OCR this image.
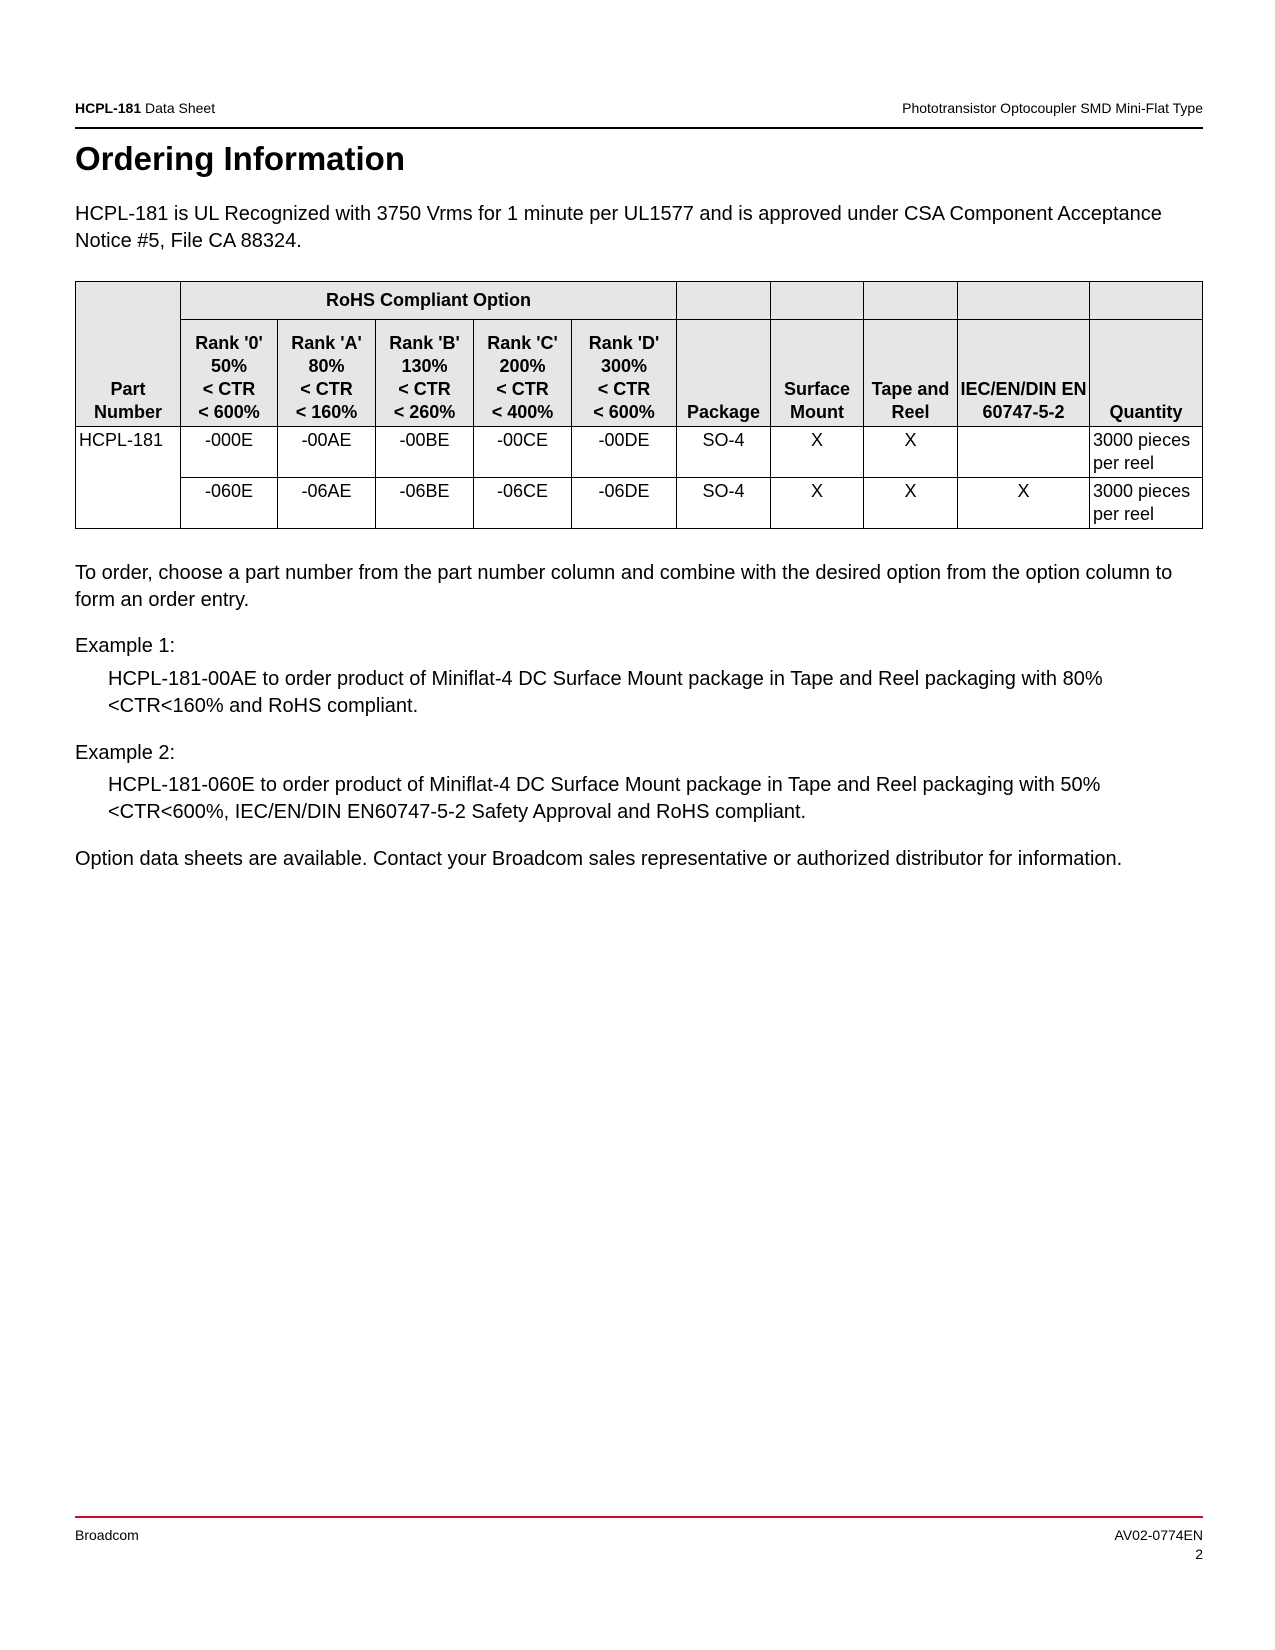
HCPL-181 Data Sheet	Phototransistor Optocoupler SMD Mini-Flat Type
Ordering Information

HCPL-181 is UL Recognized with 3750 Vrms for 1 minute per UL1577 and is approved under CSA Component Acceptance Notice #5, File CA 88324.

Part Number	RoHS Compliant Option									
	Rank '0'
50%
< CTR
< 600%	Rank 'A'
80%
< CTR
< 160%	Rank 'B'
130%
< CTR
< 260%	Rank 'C'
200%
< CTR
< 400%	Rank 'D'
300%
< CTR
< 600%	Package	Surface Mount	Tape and Reel	IEC/EN/DIN EN 60747-5-2	Quantity
HCPL-181	-000E	-00AE	-00BE	-00CE	-00DE	SO-4	X	X		3000 pieces per reel
	-060E	-06AE	-06BE	-06CE	-06DE	SO-4	X	X	X	3000 pieces per reel

To order, choose a part number from the part number column and combine with the desired option from the option column to form an order entry.

Example 1:

HCPL-181-00AE to order product of Miniflat-4 DC Surface Mount package in Tape and Reel packaging with 80%<CTR<160% and RoHS compliant.

Example 2:

HCPL-181-060E to order product of Miniflat-4 DC Surface Mount package in Tape and Reel packaging with 50%<CTR<600%, IEC/EN/DIN EN60747-5-2 Safety Approval and RoHS compliant.

Option data sheets are available. Contact your Broadcom sales representative or authorized distributor for information.

Broadcom	AV02-0774EN
2
